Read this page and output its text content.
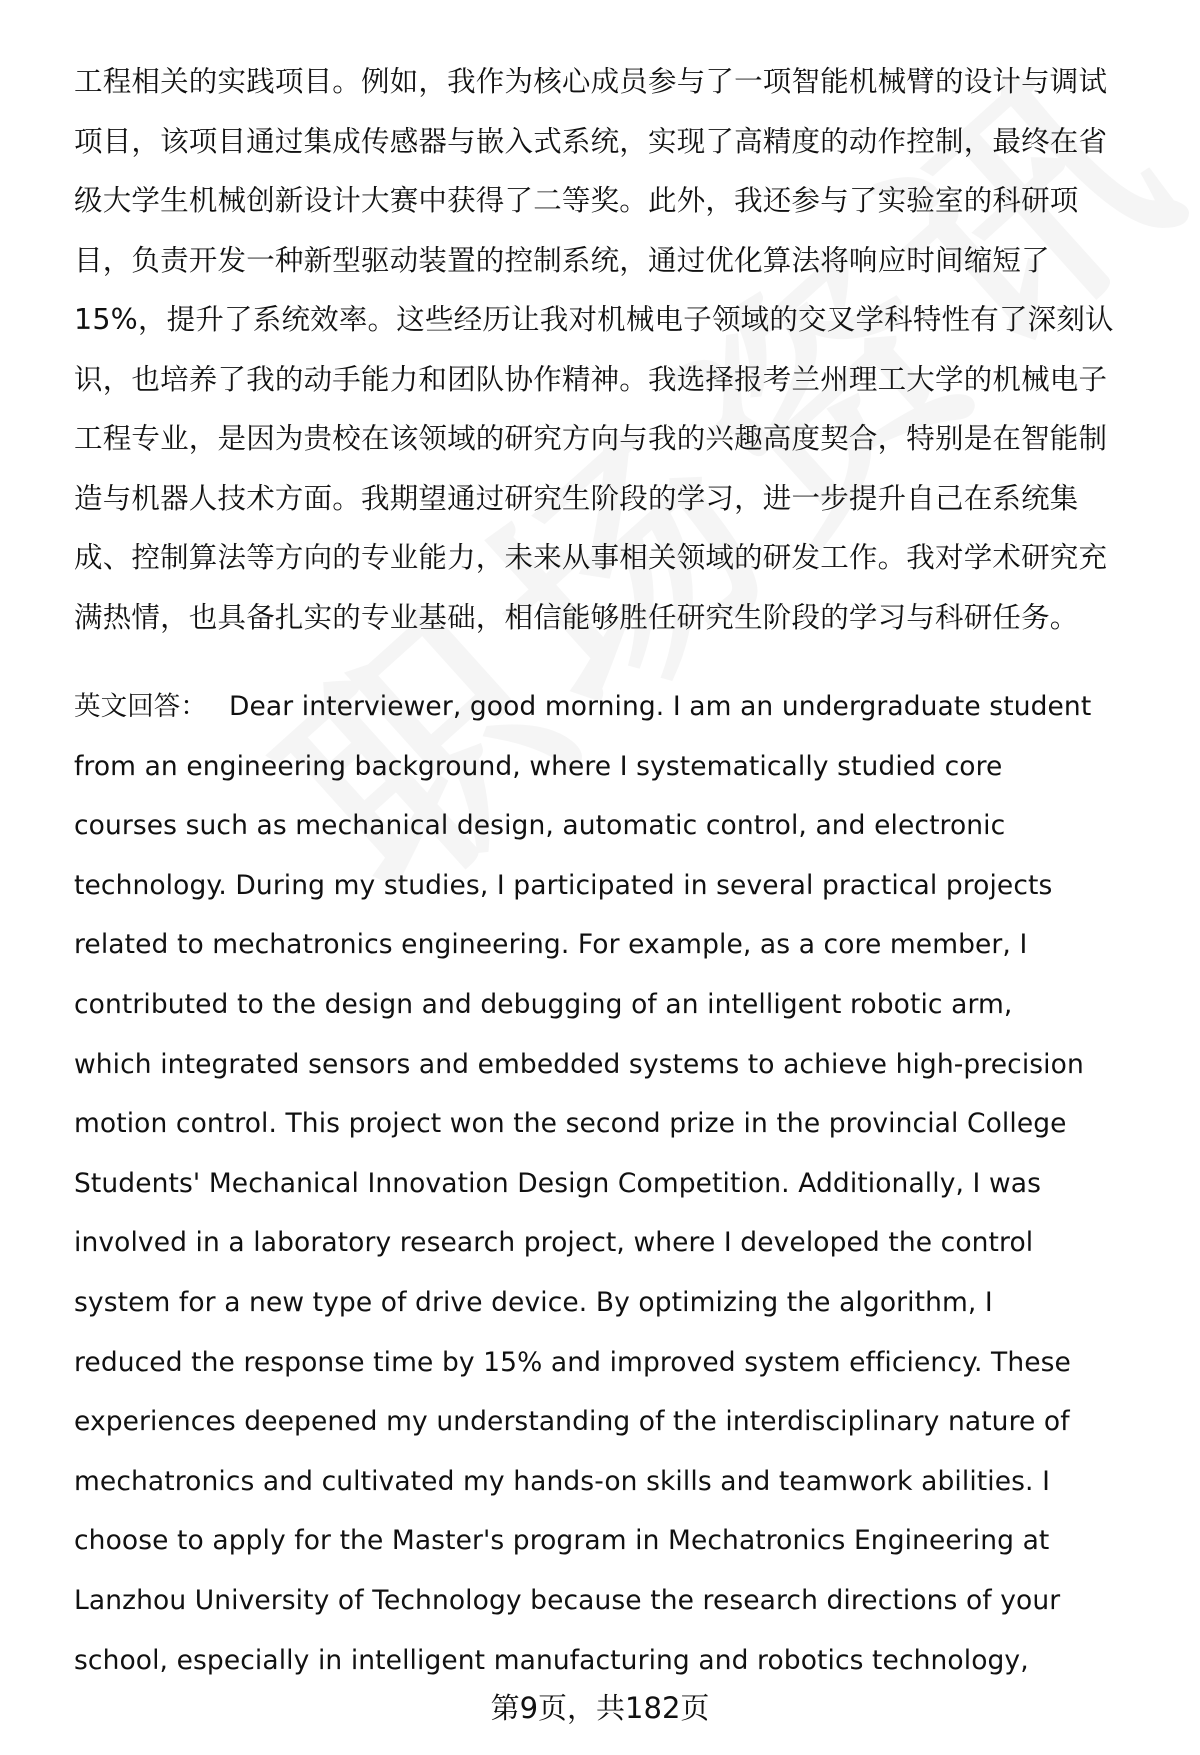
工程相关的实践项目。例如，我作为核心成员参与了一项智能机械臂的设计与调试
项目，该项目通过集成传感器与嵌入式系统，实现了高精度的动作控制，最终在省
级大学生机械创新设计大赛中获得了二等奖。此外，我还参与了实验室的科研项
目，负责开发一种新型驱动装置的控制系统，通过优化算法将响应时间缩短了
15%，提升了系统效率。这些经历让我对机械电子领域的交叉学科特性有了深刻认
识，也培养了我的动手能力和团队协作精神。我选择报考兰州理工大学的机械电子
工程专业，是因为贵校在该领域的研究方向与我的兴趣高度契合，特别是在智能制
造与机器人技术方面。我期望通过研究生阶段的学习，进一步提升自己在系统集
成、控制算法等方向的专业能力，未来从事相关领域的研发工作。我对学术研究充
满热情，也具备扎实的专业基础，相信能够胜任研究生阶段的学习与科研任务。
英文回答： Dear interviewer, good morning. I am an undergraduate student
from an engineering background, where I systematically studied core
courses such as mechanical design, automatic control, and electronic
technology. During my studies, I participated in several practical projects
related to mechatronics engineering. For example, as a core member, I
contributed to the design and debugging of an intelligent robotic arm,
which integrated sensors and embedded systems to achieve high-precision
motion control. This project won the second prize in the provincial College
Students' Mechanical Innovation Design Competition. Additionally, I was
involved in a laboratory research project, where I developed the control
system for a new type of drive device. By optimizing the algorithm, I
reduced the response time by 15% and improved system efficiency. These
experiences deepened my understanding of the interdisciplinary nature of
mechatronics and cultivated my hands-on skills and teamwork abilities. I
choose to apply for the Master's program in Mechatronics Engineering at
Lanzhou University of Technology because the research directions of your
school, especially in intelligent manufacturing and robotics technology,
第9页，共182页
